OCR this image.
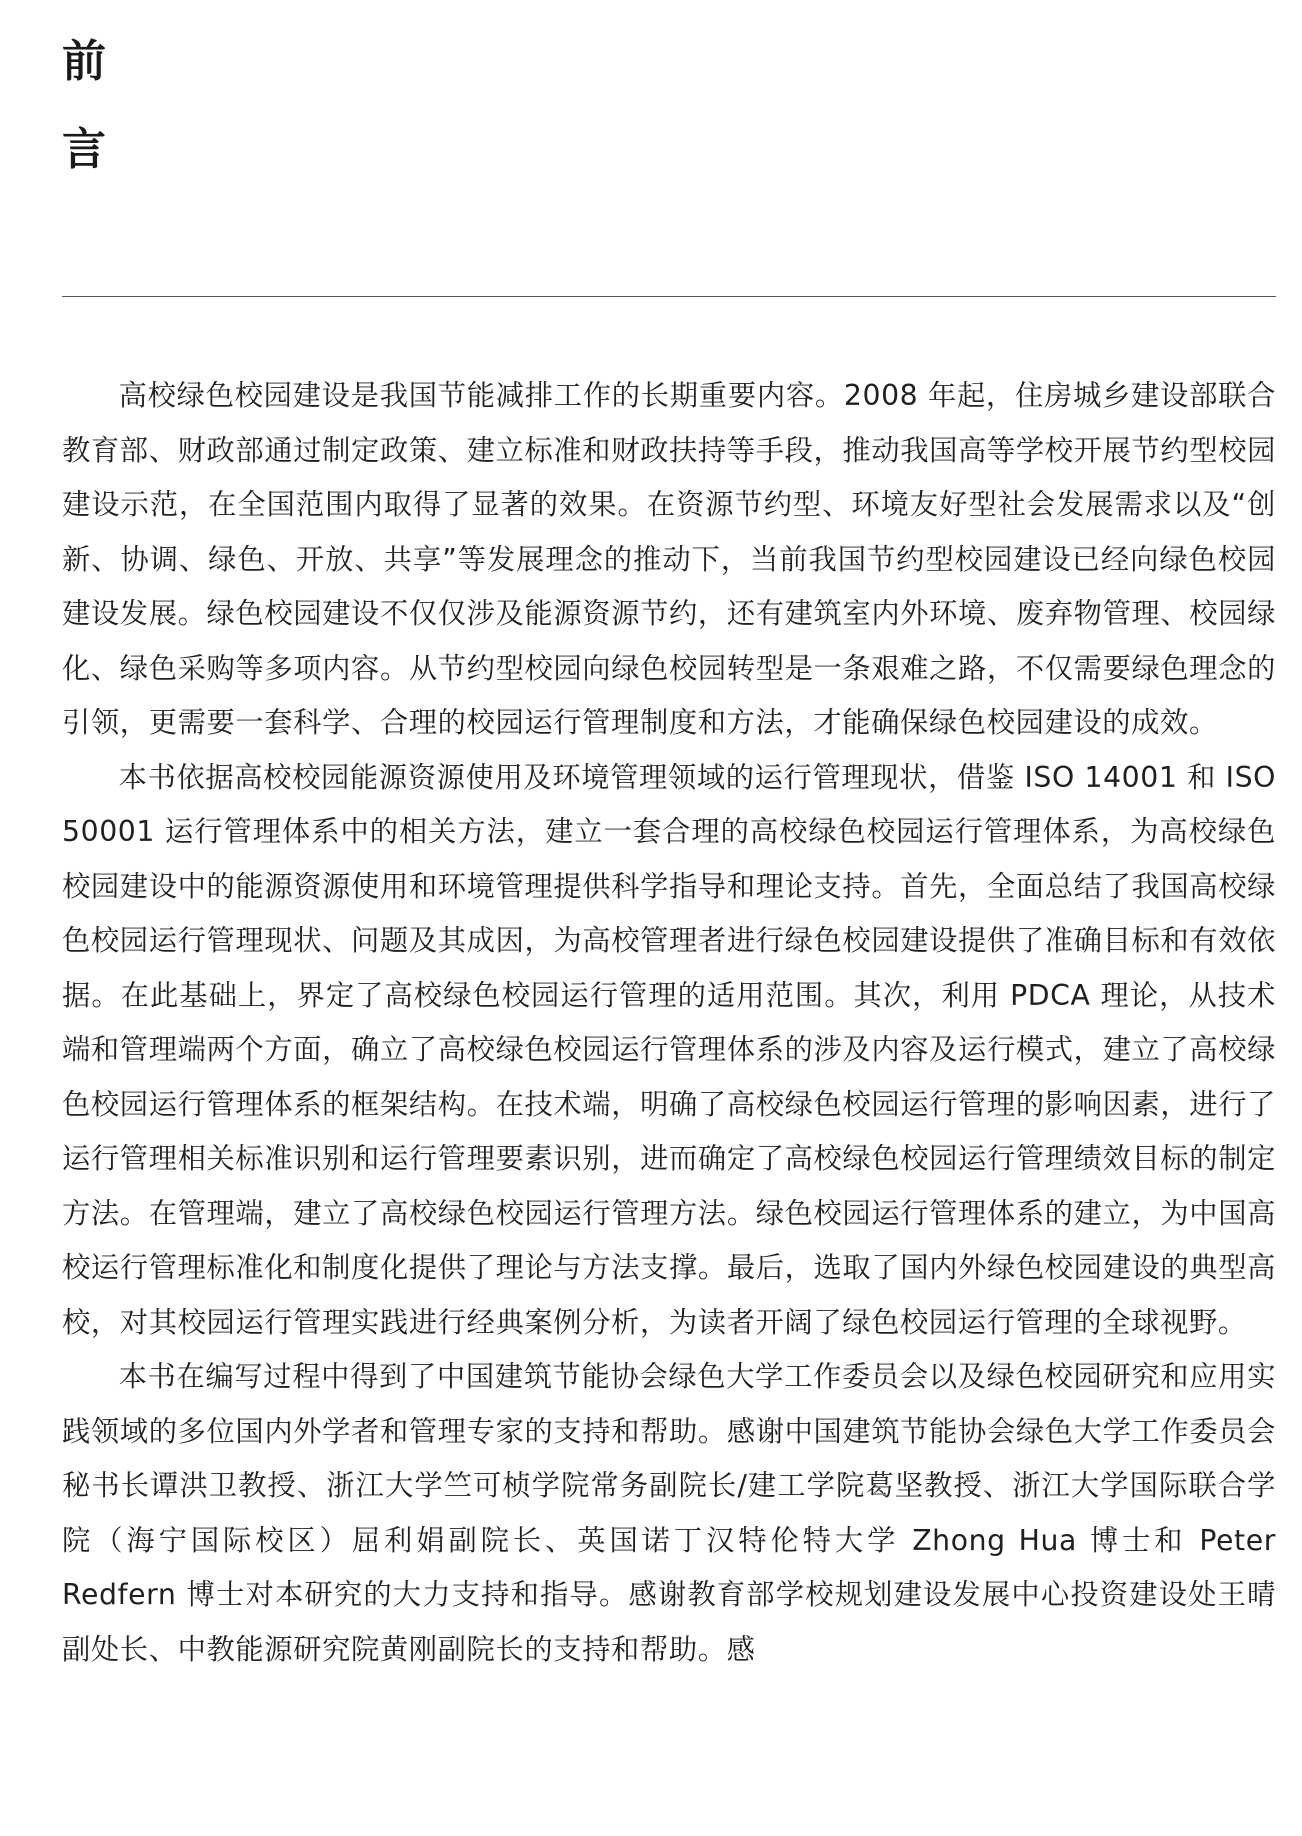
前
言

高校绿色校园建设是我国节能减排工作的长期重要内容。2008 年起，住房城乡建设部联合教育部、财政部通过制定政策、建立标准和财政扶持等手段，推动我国高等学校开展节约型校园建设示范，在全国范围内取得了显著的效果。在资源节约型、环境友好型社会发展需求以及“创新、协调、绿色、开放、共享”等发展理念的推动下，当前我国节约型校园建设已经向绿色校园建设发展。绿色校园建设不仅仅涉及能源资源节约，还有建筑室内外环境、废弃物管理、校园绿化、绿色采购等多项内容。从节约型校园向绿色校园转型是一条艰难之路，不仅需要绿色理念的引领，更需要一套科学、合理的校园运行管理制度和方法，才能确保绿色校园建设的成效。

本书依据高校校园能源资源使用及环境管理领域的运行管理现状，借鉴 ISO 14001 和 ISO 50001 运行管理体系中的相关方法，建立一套合理的高校绿色校园运行管理体系，为高校绿色校园建设中的能源资源使用和环境管理提供科学指导和理论支持。首先，全面总结了我国高校绿色校园运行管理现状、问题及其成因，为高校管理者进行绿色校园建设提供了准确目标和有效依据。在此基础上，界定了高校绿色校园运行管理的适用范围。其次，利用 PDCA 理论，从技术端和管理端两个方面，确立了高校绿色校园运行管理体系的涉及内容及运行模式，建立了高校绿色校园运行管理体系的框架结构。在技术端，明确了高校绿色校园运行管理的影响因素，进行了运行管理相关标准识别和运行管理要素识别，进而确定了高校绿色校园运行管理绩效目标的制定方法。在管理端，建立了高校绿色校园运行管理方法。绿色校园运行管理体系的建立，为中国高校运行管理标准化和制度化提供了理论与方法支撑。最后，选取了国内外绿色校园建设的典型高校，对其校园运行管理实践进行经典案例分析，为读者开阔了绿色校园运行管理的全球视野。

本书在编写过程中得到了中国建筑节能协会绿色大学工作委员会以及绿色校园研究和应用实践领域的多位国内外学者和管理专家的支持和帮助。感谢中国建筑节能协会绿色大学工作委员会秘书长谭洪卫教授、浙江大学竺可桢学院常务副院长/建工学院葛坚教授、浙江大学国际联合学院（海宁国际校区）屈利娟副院长、英国诺丁汉特伦特大学 Zhong Hua 博士和 Peter Redfern 博士对本研究的大力支持和指导。感谢教育部学校规划建设发展中心投资建设处王晴副处长、中教能源研究院黄刚副院长的支持和帮助。感
